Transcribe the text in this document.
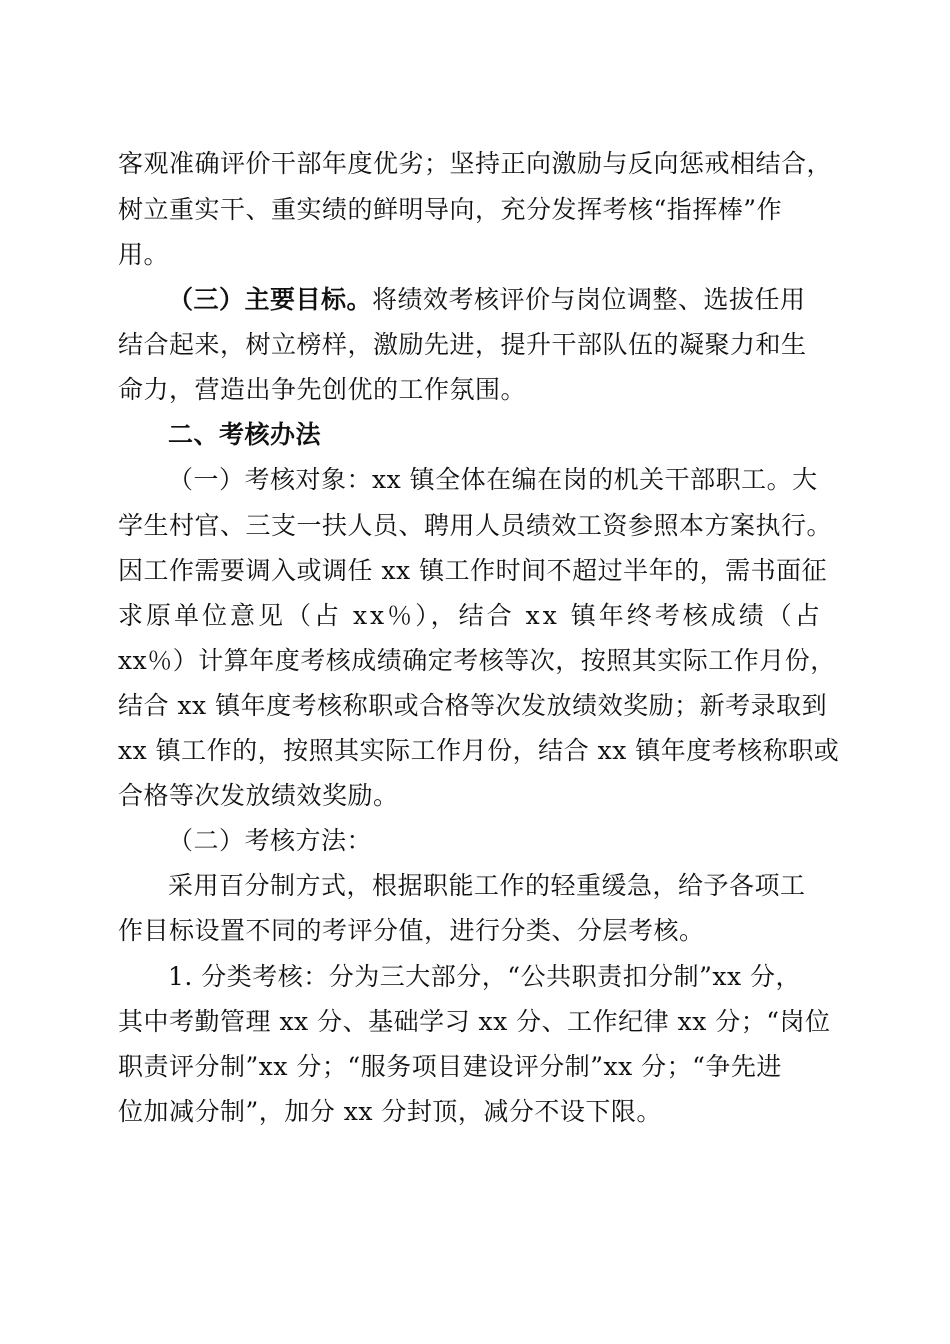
客观准确评价干部年度优劣；坚持正向激励与反向惩戒相结合，
树立重实干、重实绩的鲜明导向，充分发挥考核“指挥棒”作
用。
（三）主要目标。将绩效考核评价与岗位调整、选拔任用
结合起来，树立榜样，激励先进，提升干部队伍的凝聚力和生
命力，营造出争先创优的工作氛围。
二、考核办法
（一）考核对象：xx 镇全体在编在岗的机关干部职工。大
学生村官、三支一扶人员、聘用人员绩效工资参照本方案执行。
因工作需要调入或调任 xx 镇工作时间不超过半年的，需书面征
求原单位意见（占 xx％），结合 xx 镇年终考核成绩（占
xx％）计算年度考核成绩确定考核等次，按照其实际工作月份，
结合 xx 镇年度考核称职或合格等次发放绩效奖励；新考录取到
xx 镇工作的，按照其实际工作月份，结合 xx 镇年度考核称职或
合格等次发放绩效奖励。
（二）考核方法：
采用百分制方式，根据职能工作的轻重缓急，给予各项工
作目标设置不同的考评分值，进行分类、分层考核。
1. 分类考核：分为三大部分，“公共职责扣分制”xx 分，
其中考勤管理 xx 分、基础学习 xx 分、工作纪律 xx 分；“岗位
职责评分制”xx 分；“服务项目建设评分制”xx 分；“争先进
位加减分制”，加分 xx 分封顶，减分不设下限。
